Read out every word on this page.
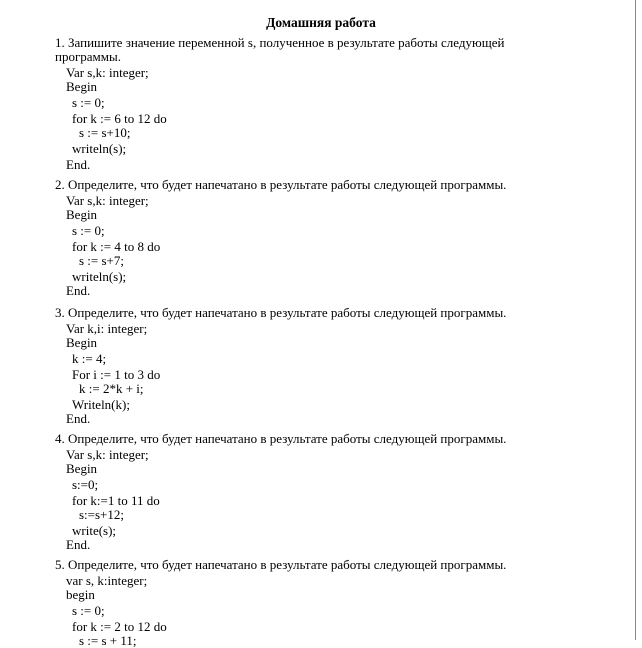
Домашняя работа
1. Запишите значение переменной s, полученное в результате работы следующей
программы.
Var s,k: integer;
Begin
s := 0;
for k := 6 to 12 do
s := s+10;
writeln(s);
End.
2. Определите, что будет напечатано в результате работы следующей программы.
Var s,k: integer;
Begin
s := 0;
for k := 4 to 8 do
s := s+7;
writeln(s);
End.
3. Определите, что будет напечатано в результате работы следующей программы.
Var k,i: integer;
Begin
k := 4;
For i := 1 to 3 do
k := 2*k + i;
Writeln(k);
End.
4. Определите, что будет напечатано в результате работы следующей программы.
Var s,k: integer;
Begin
s:=0;
for k:=1 to 11 do
s:=s+12;
write(s);
End.
5. Определите, что будет напечатано в результате работы следующей программы.
var s, k:integer;
begin
s := 0;
for k := 2 to 12 do
s := s + 11;
